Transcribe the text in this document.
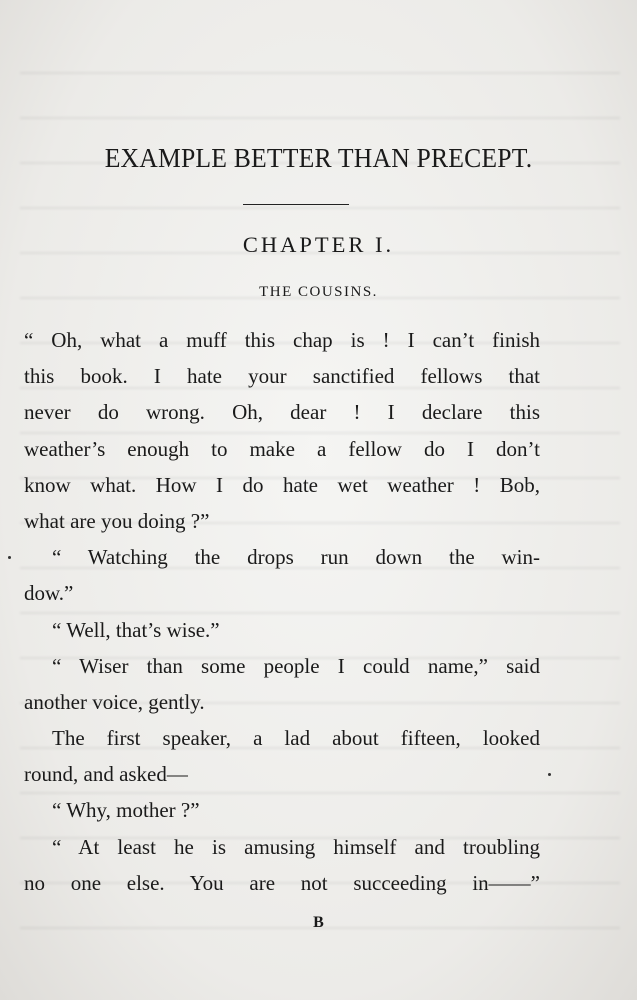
EXAMPLE BETTER THAN PRECEPT.
CHAPTER I.
THE COUSINS.

“ Oh, what a muff this chap is ! I can’t finish

this book. I hate your sanctified fellows that

never do wrong. Oh, dear ! I declare this

weather’s enough to make a fellow do I don’t

know what. How I do hate wet weather ! Bob,

what are you doing ?”

“ Watching the drops run down the win-

dow.”

“ Well, that’s wise.”

“ Wiser than some people I could name,” said

another voice, gently.

The first speaker, a lad about fifteen, looked

round, and asked—

“ Why, mother ?”

“ At least he is amusing himself and troubling

no one else. You are not succeeding in——”

B
